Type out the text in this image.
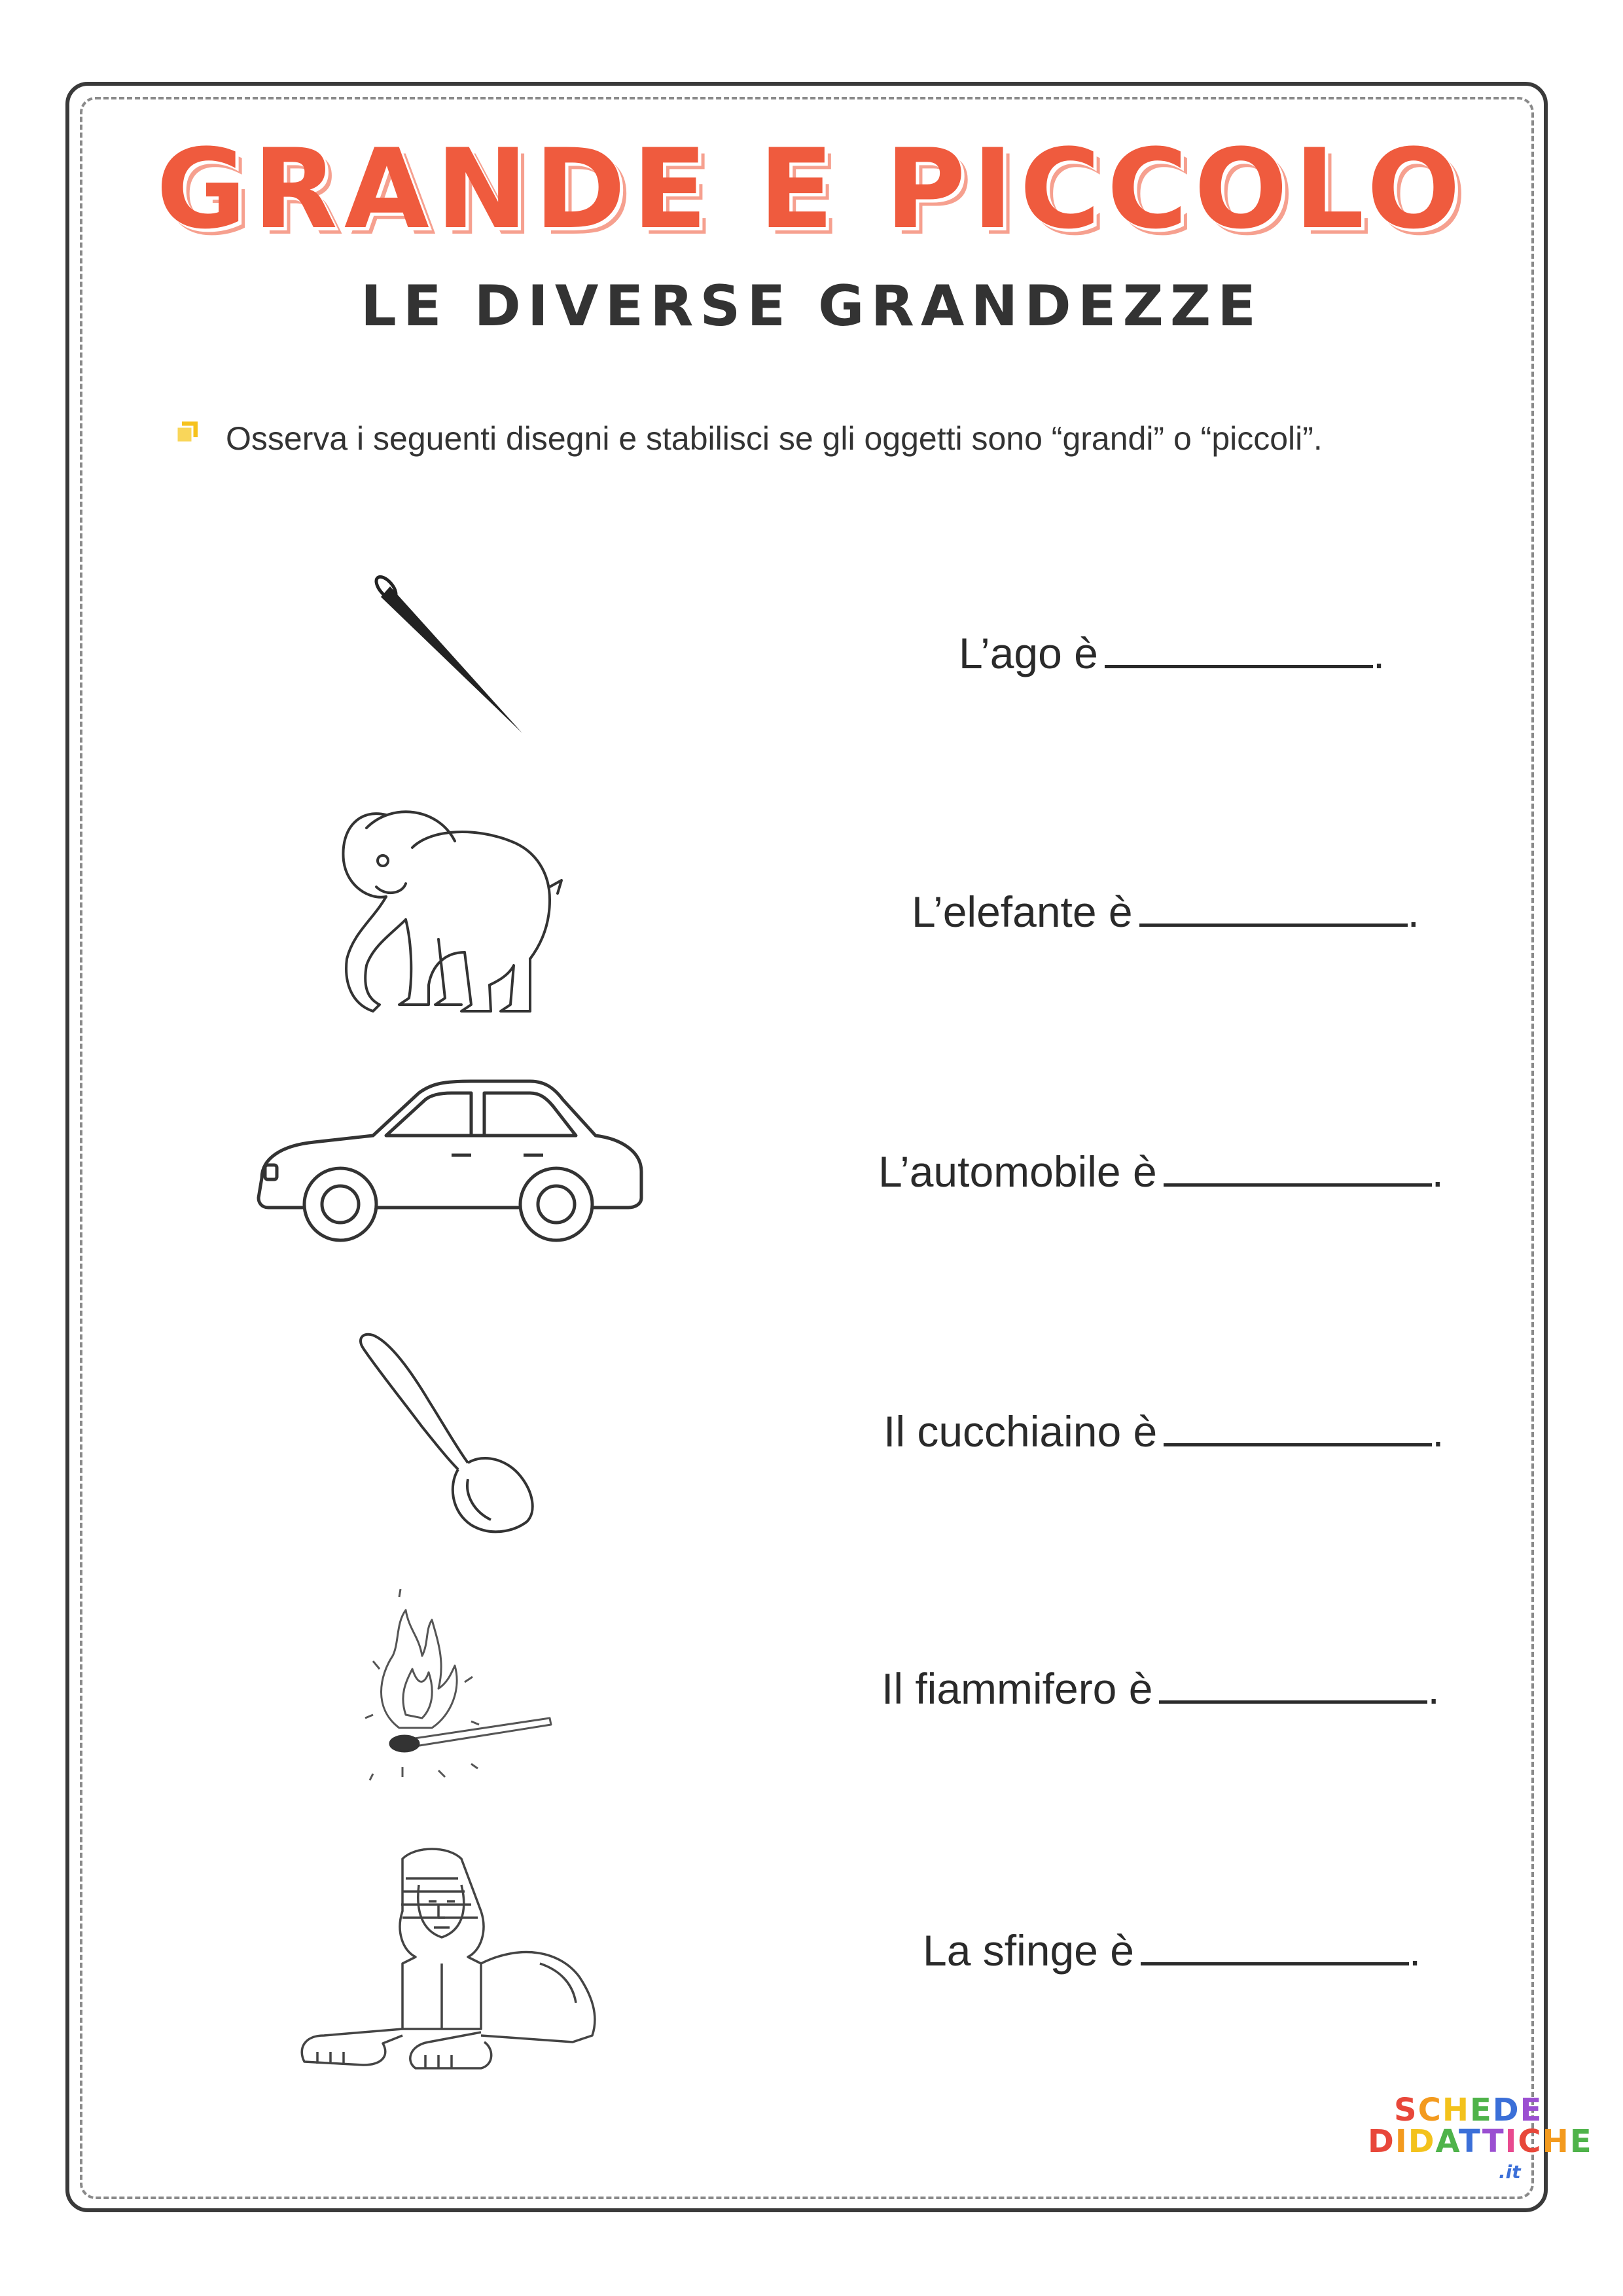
GRANDE E PICCOLO
LE DIVERSE GRANDEZZE
Osserva i seguenti disegni e stabilisci se gli oggetti sono “grandi” o “piccoli”.
L’ago è	.
L’elefante è	.
L’automobile è	.
Il cucchiaino è	.
Il fiammifero è	.
La sfinge è	.
SCHEDE
DIDATTICHE
.it
